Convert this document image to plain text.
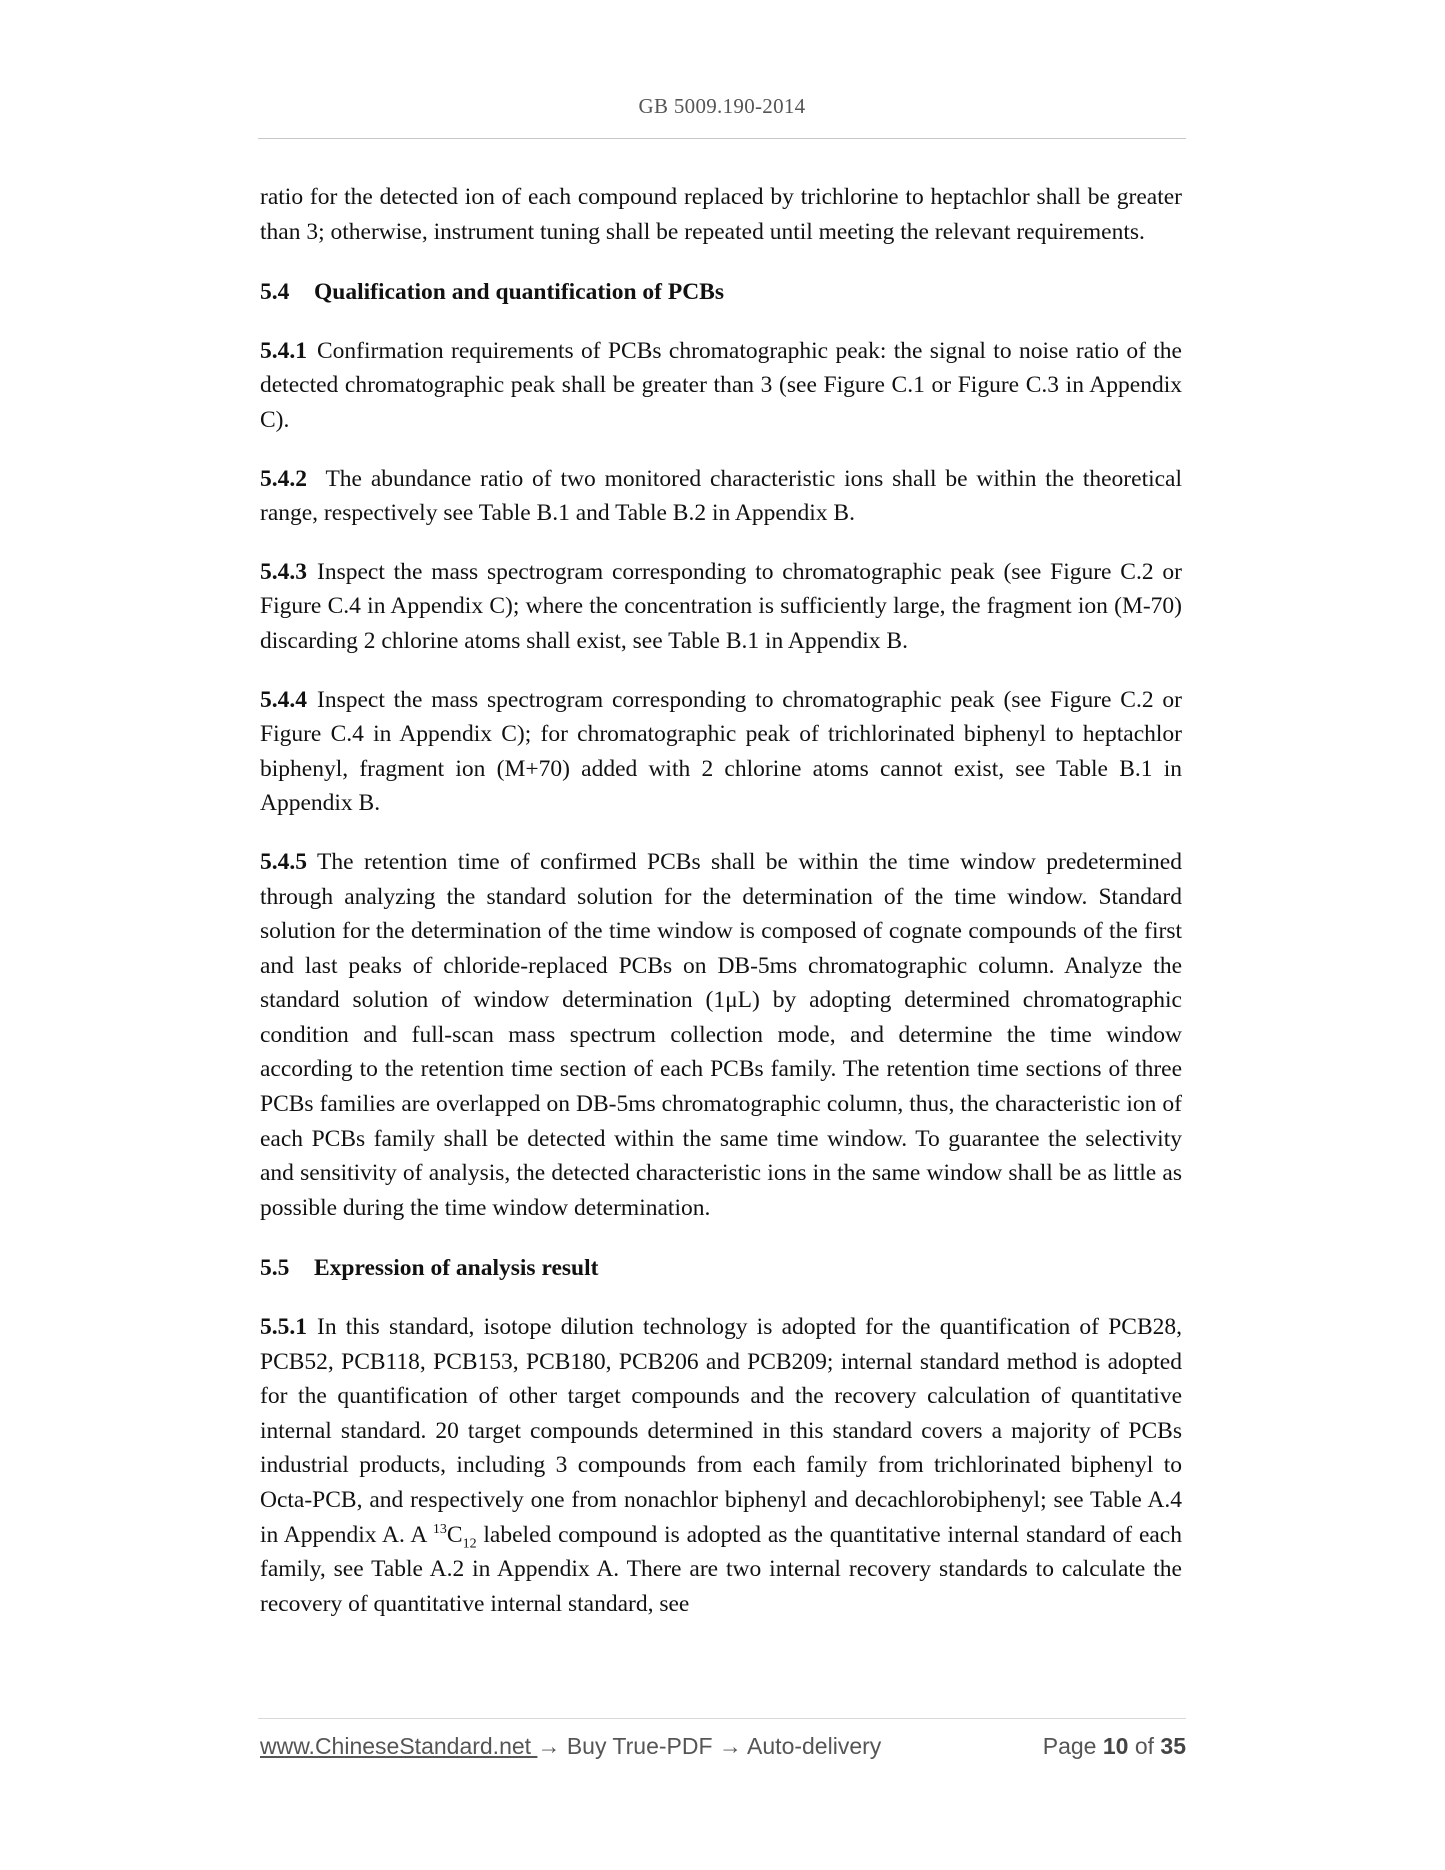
GB 5009.190-2014

ratio for the detected ion of each compound replaced by trichlorine to heptachlor shall be greater than 3; otherwise, instrument tuning shall be repeated until meeting the relevant requirements.

5.4 Qualification and quantification of PCBs

5.4.1 Confirmation requirements of PCBs chromatographic peak: the signal to noise ratio of the detected chromatographic peak shall be greater than 3 (see Figure C.1 or Figure C.3 in Appendix C).

5.4.2 The abundance ratio of two monitored characteristic ions shall be within the theoretical range, respectively see Table B.1 and Table B.2 in Appendix B.

5.4.3 Inspect the mass spectrogram corresponding to chromatographic peak (see Figure C.2 or Figure C.4 in Appendix C); where the concentration is sufficiently large, the fragment ion (M-70) discarding 2 chlorine atoms shall exist, see Table B.1 in Appendix B.

5.4.4 Inspect the mass spectrogram corresponding to chromatographic peak (see Figure C.2 or Figure C.4 in Appendix C); for chromatographic peak of trichlorinated biphenyl to heptachlor biphenyl, fragment ion (M+70) added with 2 chlorine atoms cannot exist, see Table B.1 in Appendix B.

5.4.5 The retention time of confirmed PCBs shall be within the time window predetermined through analyzing the standard solution for the determination of the time window. Standard solution for the determination of the time window is composed of cognate compounds of the first and last peaks of chloride-replaced PCBs on DB-5ms chromatographic column. Analyze the standard solution of window determination (1μL) by adopting determined chromatographic condition and full-scan mass spectrum collection mode, and determine the time window according to the retention time section of each PCBs family. The retention time sections of three PCBs families are overlapped on DB-5ms chromatographic column, thus, the characteristic ion of each PCBs family shall be detected within the same time window. To guarantee the selectivity and sensitivity of analysis, the detected characteristic ions in the same window shall be as little as possible during the time window determination.

5.5 Expression of analysis result

5.5.1 In this standard, isotope dilution technology is adopted for the quantification of PCB28, PCB52, PCB118, PCB153, PCB180, PCB206 and PCB209; internal standard method is adopted for the quantification of other target compounds and the recovery calculation of quantitative internal standard. 20 target compounds determined in this standard covers a majority of PCBs industrial products, including 3 compounds from each family from trichlorinated biphenyl to Octa-PCB, and respectively one from nonachlor biphenyl and decachlorobiphenyl; see Table A.4 in Appendix A. A $^{13}C_{12}$ labeled compound is adopted as the quantitative internal standard of each family, see Table A.2 in Appendix A. There are two internal recovery standards to calculate the recovery of quantitative internal standard, see

www.ChineseStandard.net → Buy True-PDF → Auto-delivery	Page 10 of 35
